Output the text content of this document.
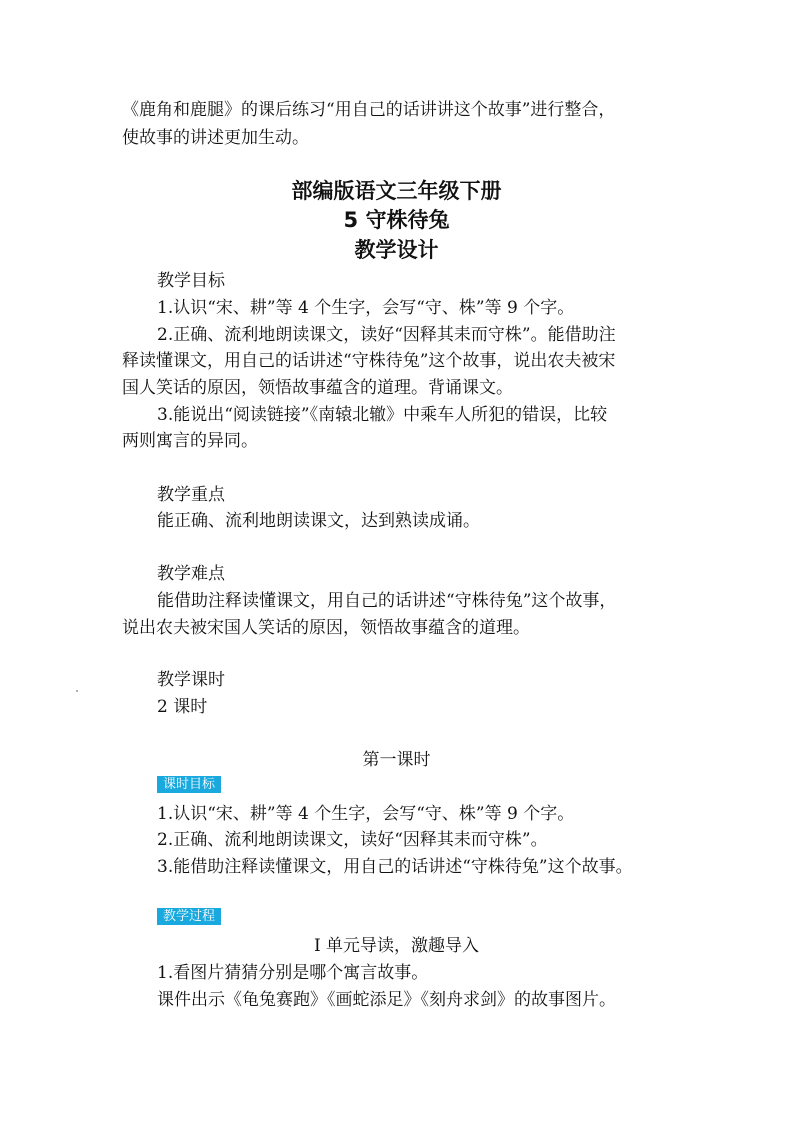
《鹿角和鹿腿》的课后练习“用自己的话讲讲这个故事”进行整合，
使故事的讲述更加生动。
部编版语文三年级下册
5 守株待兔
教学设计
教学目标
1.认识“宋、耕”等 4 个生字，会写“守、株”等 9 个字。
2.正确、流利地朗读课文，读好“因释其耒而守株”。能借助注
释读懂课文，用自己的话讲述“守株待兔”这个故事，说出农夫被宋
国人笑话的原因，领悟故事蕴含的道理。背诵课文。
3.能说出“阅读链接”《南辕北辙》中乘车人所犯的错误，比较
两则寓言的异同。
教学重点
能正确、流利地朗读课文，达到熟读成诵。
教学难点
能借助注释读懂课文，用自己的话讲述“守株待兔”这个故事，
说出农夫被宋国人笑话的原因，领悟故事蕴含的道理。
教学课时
2 课时
第一课时
课时目标
1.认识“宋、耕”等 4 个生字，会写“守、株”等 9 个字。
2.正确、流利地朗读课文，读好“因释其耒而守株”。
3.能借助注释读懂课文，用自己的话讲述“守株待兔”这个故事。
教学过程
Ⅰ 单元导读，激趣导入
1.看图片猜猜分别是哪个寓言故事。
课件出示《龟兔赛跑》《画蛇添足》《刻舟求剑》的故事图片。
